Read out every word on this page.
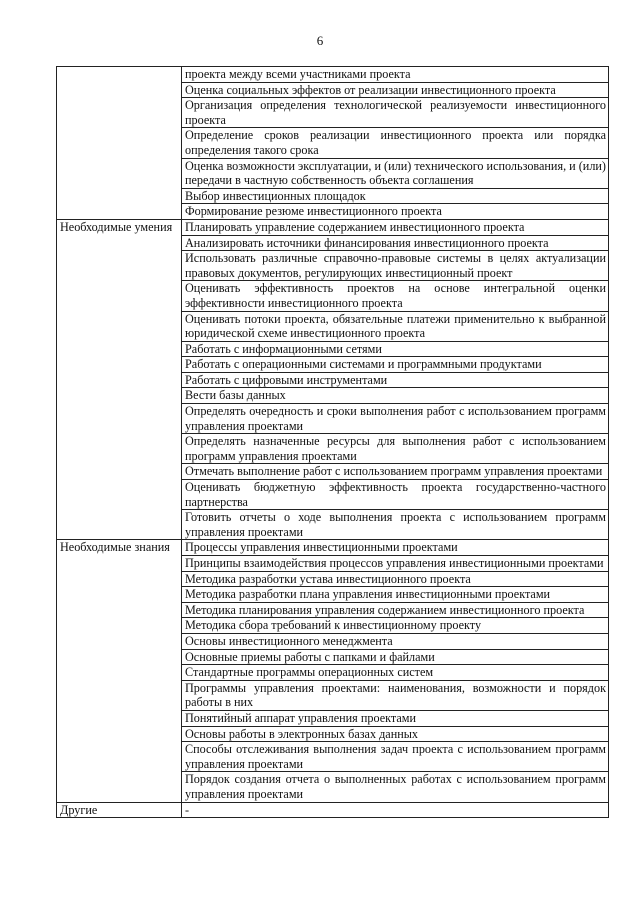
6
	проекта между всеми участниками проекта
	Оценка социальных эффектов от реализации инвестиционного проекта
	Организация определения технологической реализуемости инвестиционного проекта
	Определение сроков реализации инвестиционного проекта или порядка определения такого срока
	Оценка возможности эксплуатации, и (или) технического использования, и (или) передачи в частную собственность объекта соглашения
	Выбор инвестиционных площадок
	Формирование резюме инвестиционного проекта
Необходимые умения	Планировать управление содержанием инвестиционного проекта
	Анализировать источники финансирования инвестиционного проекта
	Использовать различные справочно-правовые системы в целях актуализации правовых документов, регулирующих инвестиционный проект
	Оценивать эффективность проектов на основе интегральной оценки эффективности инвестиционного проекта
	Оценивать потоки проекта, обязательные платежи применительно к выбранной юридической схеме инвестиционного проекта
	Работать с информационными сетями
	Работать с операционными системами и программными продуктами
	Работать с цифровыми инструментами
	Вести базы данных
	Определять очередность и сроки выполнения работ с использованием программ управления проектами
	Определять назначенные ресурсы для выполнения работ с использованием программ управления проектами
	Отмечать выполнение работ с использованием программ управления проектами
	Оценивать бюджетную эффективность проекта государственно-частного партнерства
	Готовить отчеты о ходе выполнения проекта с использованием программ управления проектами
Необходимые знания	Процессы управления инвестиционными проектами
	Принципы взаимодействия процессов управления инвестиционными проектами
	Методика разработки устава инвестиционного проекта
	Методика разработки плана управления инвестиционными проектами
	Методика планирования управления содержанием инвестиционного проекта
	Методика сбора требований к инвестиционному проекту
	Основы инвестиционного менеджмента
	Основные приемы работы с папками и файлами
	Стандартные программы операционных систем
	Программы управления проектами: наименования, возможности и порядок работы в них
	Понятийный аппарат управления проектами
	Основы работы в электронных базах данных
	Способы отслеживания выполнения задач проекта с использованием программ управления проектами
	Порядок создания отчета о выполненных работах с использованием программ управления проектами
Другие	-
